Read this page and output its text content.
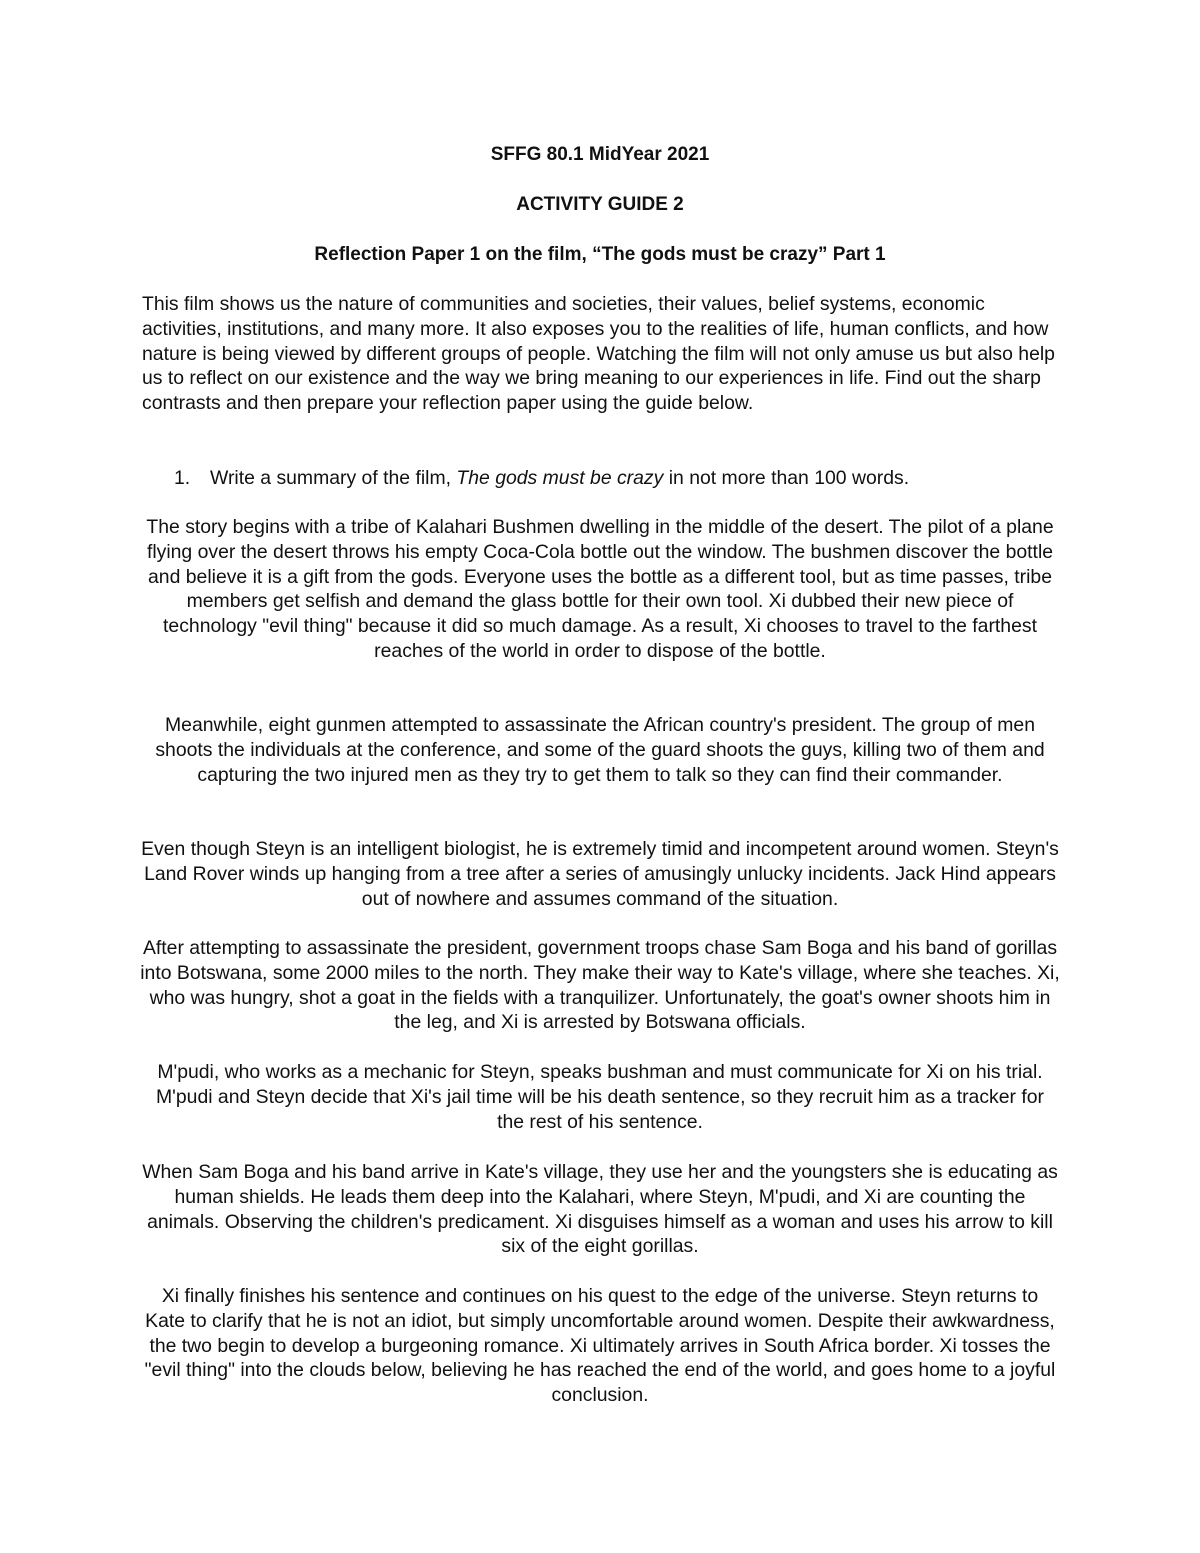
SFFG 80.1 MidYear 2021
ACTIVITY GUIDE 2
Reflection Paper 1 on the film, “The gods must be crazy” Part 1

This film shows us the nature of communities and societies, their values, belief systems, economic activities, institutions, and many more. It also exposes you to the realities of life, human conflicts, and how nature is being viewed by different groups of people. Watching the film will not only amuse us but also help us to reflect on our existence and the way we bring meaning to our experiences in life. Find out the sharp contrasts and then prepare your reflection paper using the guide below.

1. Write a summary of the film, The gods must be crazy in not more than 100 words.

The story begins with a tribe of Kalahari Bushmen dwelling in the middle of the desert. The pilot of a plane flying over the desert throws his empty Coca-Cola bottle out the window. The bushmen discover the bottle and believe it is a gift from the gods. Everyone uses the bottle as a different tool, but as time passes, tribe members get selfish and demand the glass bottle for their own tool. Xi dubbed their new piece of technology "evil thing" because it did so much damage. As a result, Xi chooses to travel to the farthest reaches of the world in order to dispose of the bottle.

Meanwhile, eight gunmen attempted to assassinate the African country's president. The group of men shoots the individuals at the conference, and some of the guard shoots the guys, killing two of them and capturing the two injured men as they try to get them to talk so they can find their commander.

Even though Steyn is an intelligent biologist, he is extremely timid and incompetent around women. Steyn's Land Rover winds up hanging from a tree after a series of amusingly unlucky incidents. Jack Hind appears out of nowhere and assumes command of the situation.

After attempting to assassinate the president, government troops chase Sam Boga and his band of gorillas into Botswana, some 2000 miles to the north. They make their way to Kate's village, where she teaches. Xi, who was hungry, shot a goat in the fields with a tranquilizer. Unfortunately, the goat's owner shoots him in the leg, and Xi is arrested by Botswana officials.

M'pudi, who works as a mechanic for Steyn, speaks bushman and must communicate for Xi on his trial. M'pudi and Steyn decide that Xi's jail time will be his death sentence, so they recruit him as a tracker for the rest of his sentence.

When Sam Boga and his band arrive in Kate's village, they use her and the youngsters she is educating as human shields. He leads them deep into the Kalahari, where Steyn, M'pudi, and Xi are counting the animals. Observing the children's predicament. Xi disguises himself as a woman and uses his arrow to kill six of the eight gorillas.

Xi finally finishes his sentence and continues on his quest to the edge of the universe. Steyn returns to Kate to clarify that he is not an idiot, but simply uncomfortable around women. Despite their awkwardness, the two begin to develop a burgeoning romance. Xi ultimately arrives in South Africa border. Xi tosses the "evil thing" into the clouds below, believing he has reached the end of the world, and goes home to a joyful conclusion.
